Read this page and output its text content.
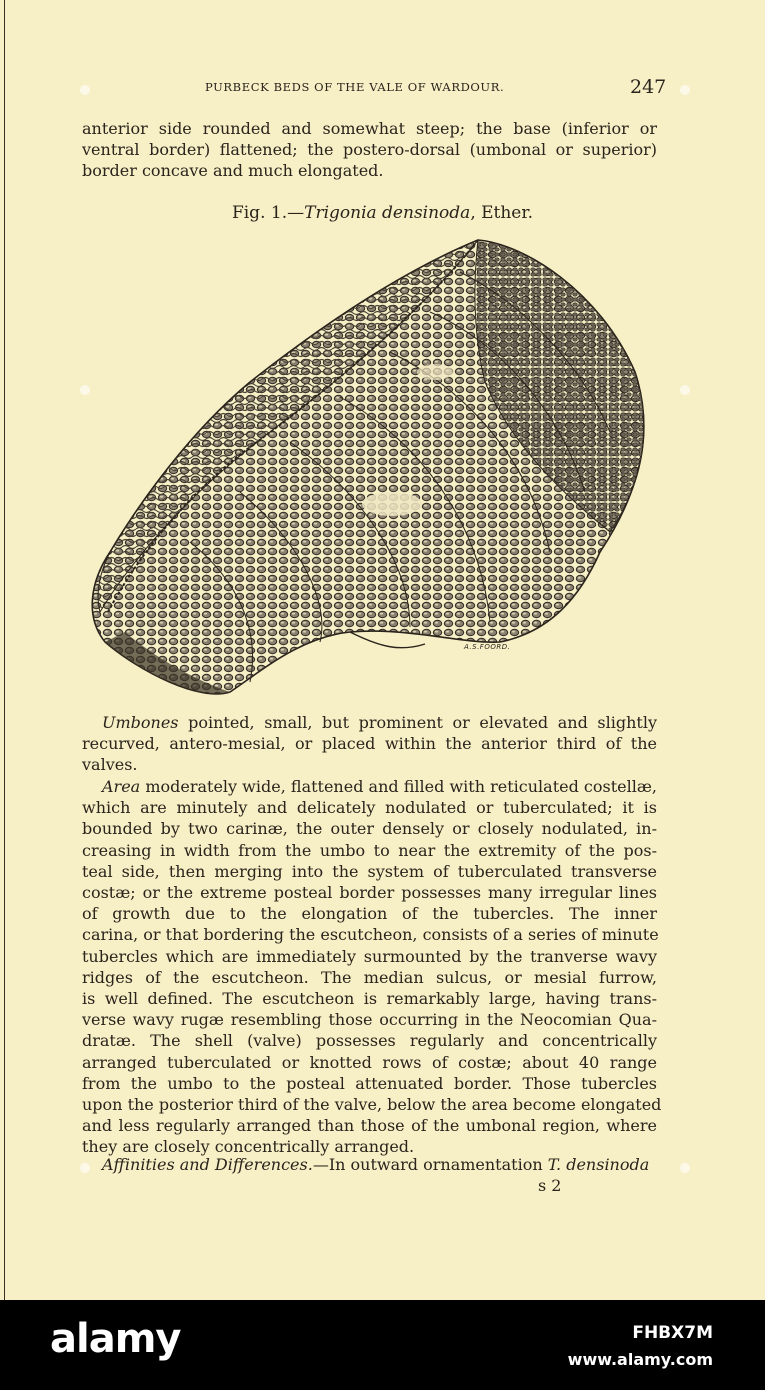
PURBECK BEDS OF THE VALE OF WARDOUR.	247

anterior side rounded and somewhat steep; the base (inferior or
ventral border) flattened; the postero-dorsal (umbonal or superior)
border concave and much elongated.

Fig. 1.—Trigonia densinoda, Ether.
A.S.FOORD.

Umbones pointed, small, but prominent or elevated and slightly
recurved, antero-mesial, or placed within the anterior third of the
valves.

Area moderately wide, flattened and filled with reticulated costellæ,
which are minutely and delicately nodulated or tuberculated; it is
bounded by two carinæ, the outer densely or closely nodulated, in-
creasing in width from the umbo to near the extremity of the pos-
teal side, then merging into the system of tuberculated transverse
costæ; or the extreme posteal border possesses many irregular lines
of growth due to the elongation of the tubercles. The inner
carina, or that bordering the escutcheon, consists of a series of minute
tubercles which are immediately surmounted by the tranverse wavy
ridges of the escutcheon. The median sulcus, or mesial furrow,
is well defined. The escutcheon is remarkably large, having trans-
verse wavy rugæ resembling those occurring in the Neocomian Qua-
dratæ. The shell (valve) possesses regularly and concentrically
arranged tuberculated or knotted rows of costæ; about 40 range
from the umbo to the posteal attenuated border. Those tubercles
upon the posterior third of the valve, below the area become elongated
and less regularly arranged than those of the umbonal region, where
they are closely concentrically arranged.

Affinities and Differences.—In outward ornamentation T. densinoda

s 2
alamy	FHBX7M
www.alamy.com
